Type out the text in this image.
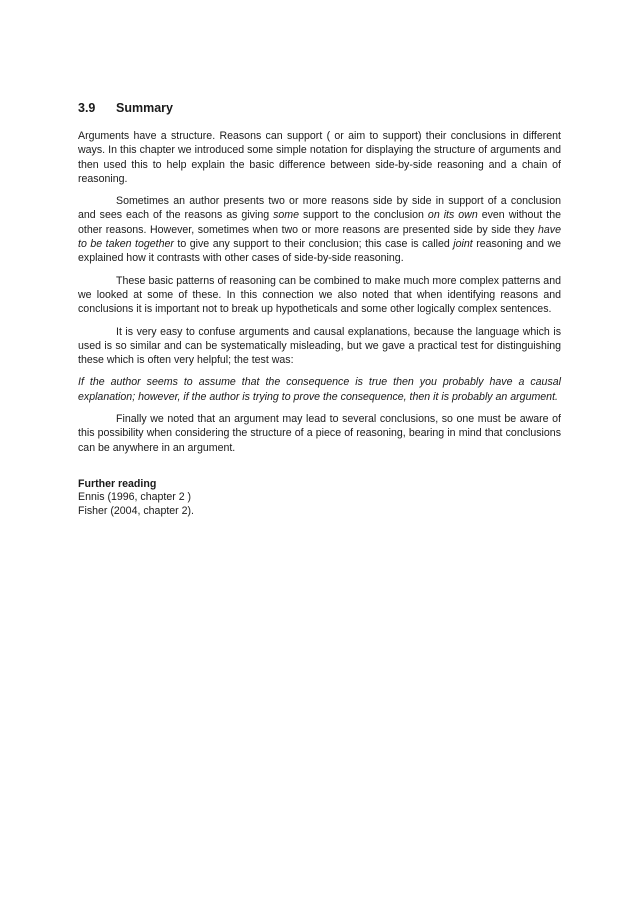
3.9	Summary

Arguments have a structure. Reasons can support ( or aim to support) their conclusions in different ways. In this chapter we introduced some simple notation for displaying the structure of arguments and then used this to help explain the basic difference between side-by-side reasoning and a chain of reasoning.

Sometimes an author presents two or more reasons side by side in support of a conclusion and sees each of the reasons as giving some support to the conclusion on its own even without the other reasons. However, sometimes when two or more reasons are presented side by side they have to be taken together to give any support to their conclusion; this case is called joint reasoning and we explained how it contrasts with other cases of side-by-side reasoning.

These basic patterns of reasoning can be combined to make much more complex patterns and we looked at some of these. In this connection we also noted that when identifying reasons and conclusions it is important not to break up hypotheticals and some other logically complex sentences.

It is very easy to confuse arguments and causal explanations, because the language which is used is so similar and can be systematically misleading, but we gave a practical test for distinguishing these which is often very helpful; the test was:

If the author seems to assume that the consequence is true then you probably have a causal explanation; however, if the author is trying to prove the consequence, then it is probably an argument.

Finally we noted that an argument may lead to several conclusions, so one must be aware of this possibility when considering the structure of a piece of reasoning, bearing in mind that conclusions can be anywhere in an argument.

Further reading
Ennis (1996, chapter 2 )
Fisher (2004, chapter 2).
